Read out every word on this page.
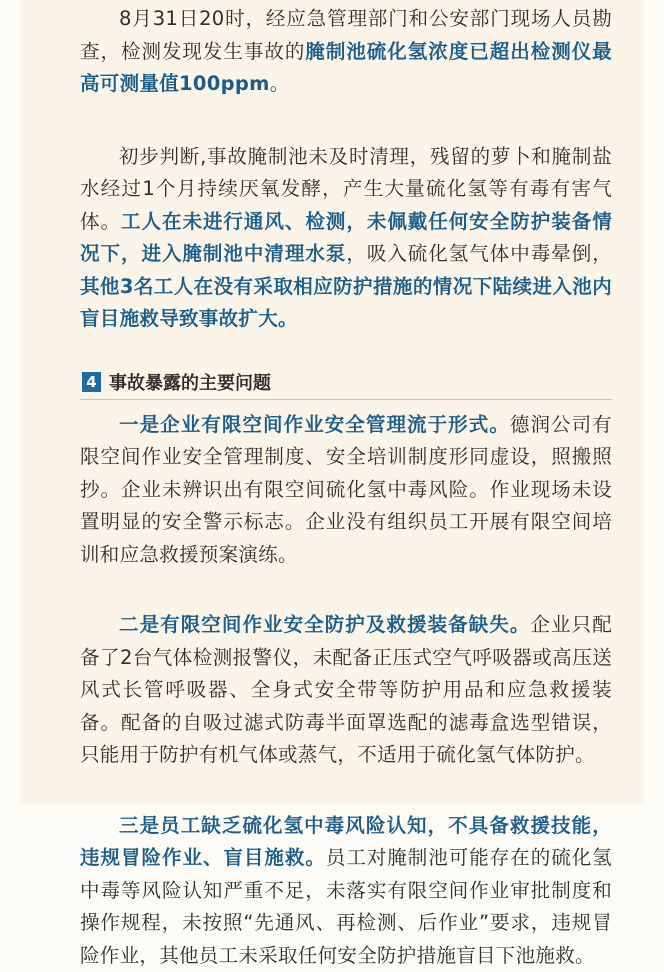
8月31日20时，经应急管理部门和公安部门现场人员勘查，检测发现发生事故的腌制池硫化氢浓度已超出检测仪最高可测量值100ppm。

初步判断,事故腌制池未及时清理，残留的萝卜和腌制盐水经过1个月持续厌氧发酵，产生大量硫化氢等有毒有害气体。工人在未进行通风、检测，未佩戴任何安全防护装备情况下，进入腌制池中清理水泵，吸入硫化氢气体中毒晕倒，其他3名工人在没有采取相应防护措施的情况下陆续进入池内盲目施救导致事故扩大。

4 事故暴露的主要问题

一是企业有限空间作业安全管理流于形式。德润公司有限空间作业安全管理制度、安全培训制度形同虚设，照搬照抄。企业未辨识出有限空间硫化氢中毒风险。作业现场未设置明显的安全警示标志。企业没有组织员工开展有限空间培训和应急救援预案演练。

二是有限空间作业安全防护及救援装备缺失。企业只配备了2台气体检测报警仪，未配备正压式空气呼吸器或高压送风式长管呼吸器、全身式安全带等防护用品和应急救援装备。配备的自吸过滤式防毒半面罩选配的滤毒盒选型错误，只能用于防护有机气体或蒸气，不适用于硫化氢气体防护。

三是员工缺乏硫化氢中毒风险认知，不具备救援技能，违规冒险作业、盲目施救。员工对腌制池可能存在的硫化氢中毒等风险认知严重不足，未落实有限空间作业审批制度和操作规程，未按照“先通风、再检测、后作业”要求，违规冒险作业，其他员工未采取任何安全防护措施盲目下池施救。
